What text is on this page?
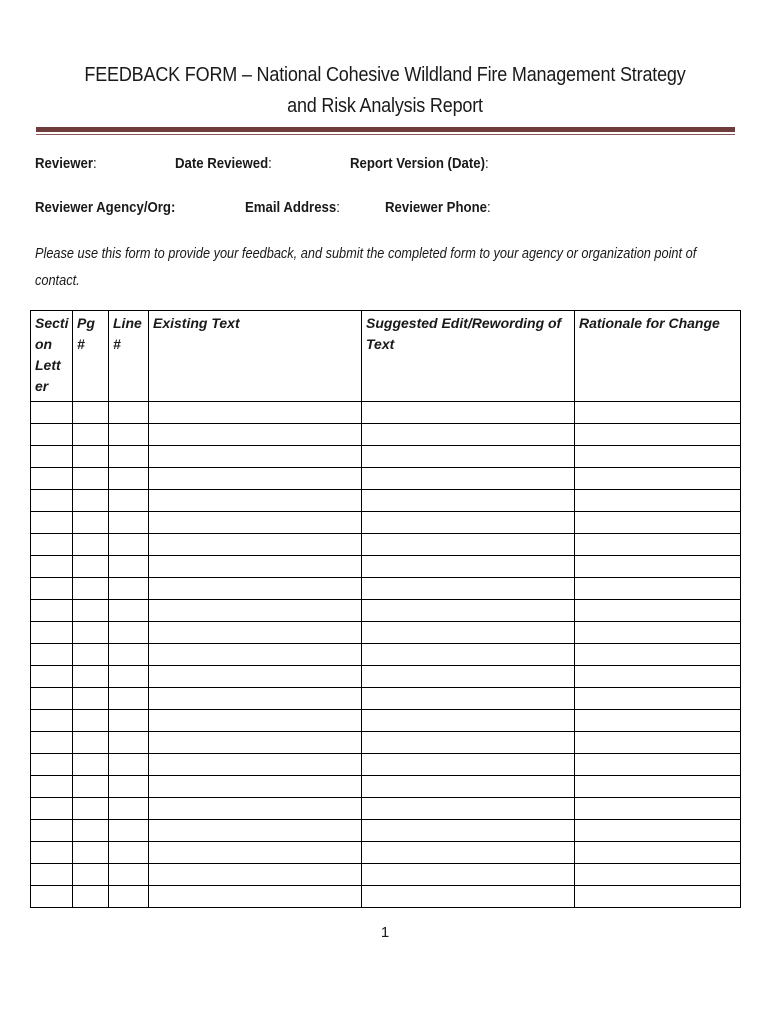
FEEDBACK FORM – National Cohesive Wildland Fire Management Strategy and Risk Analysis Report
Reviewer:	Date Reviewed:	Report Version (Date):
Reviewer Agency/Org:	Email Address:	Reviewer Phone:
Please use this form to provide your feedback, and submit the completed form to your agency or organization point of contact.
Secti on Lett er	Pg #	Line #	Existing Text	Suggested Edit/Rewording of Text	Rationale for Change

1
